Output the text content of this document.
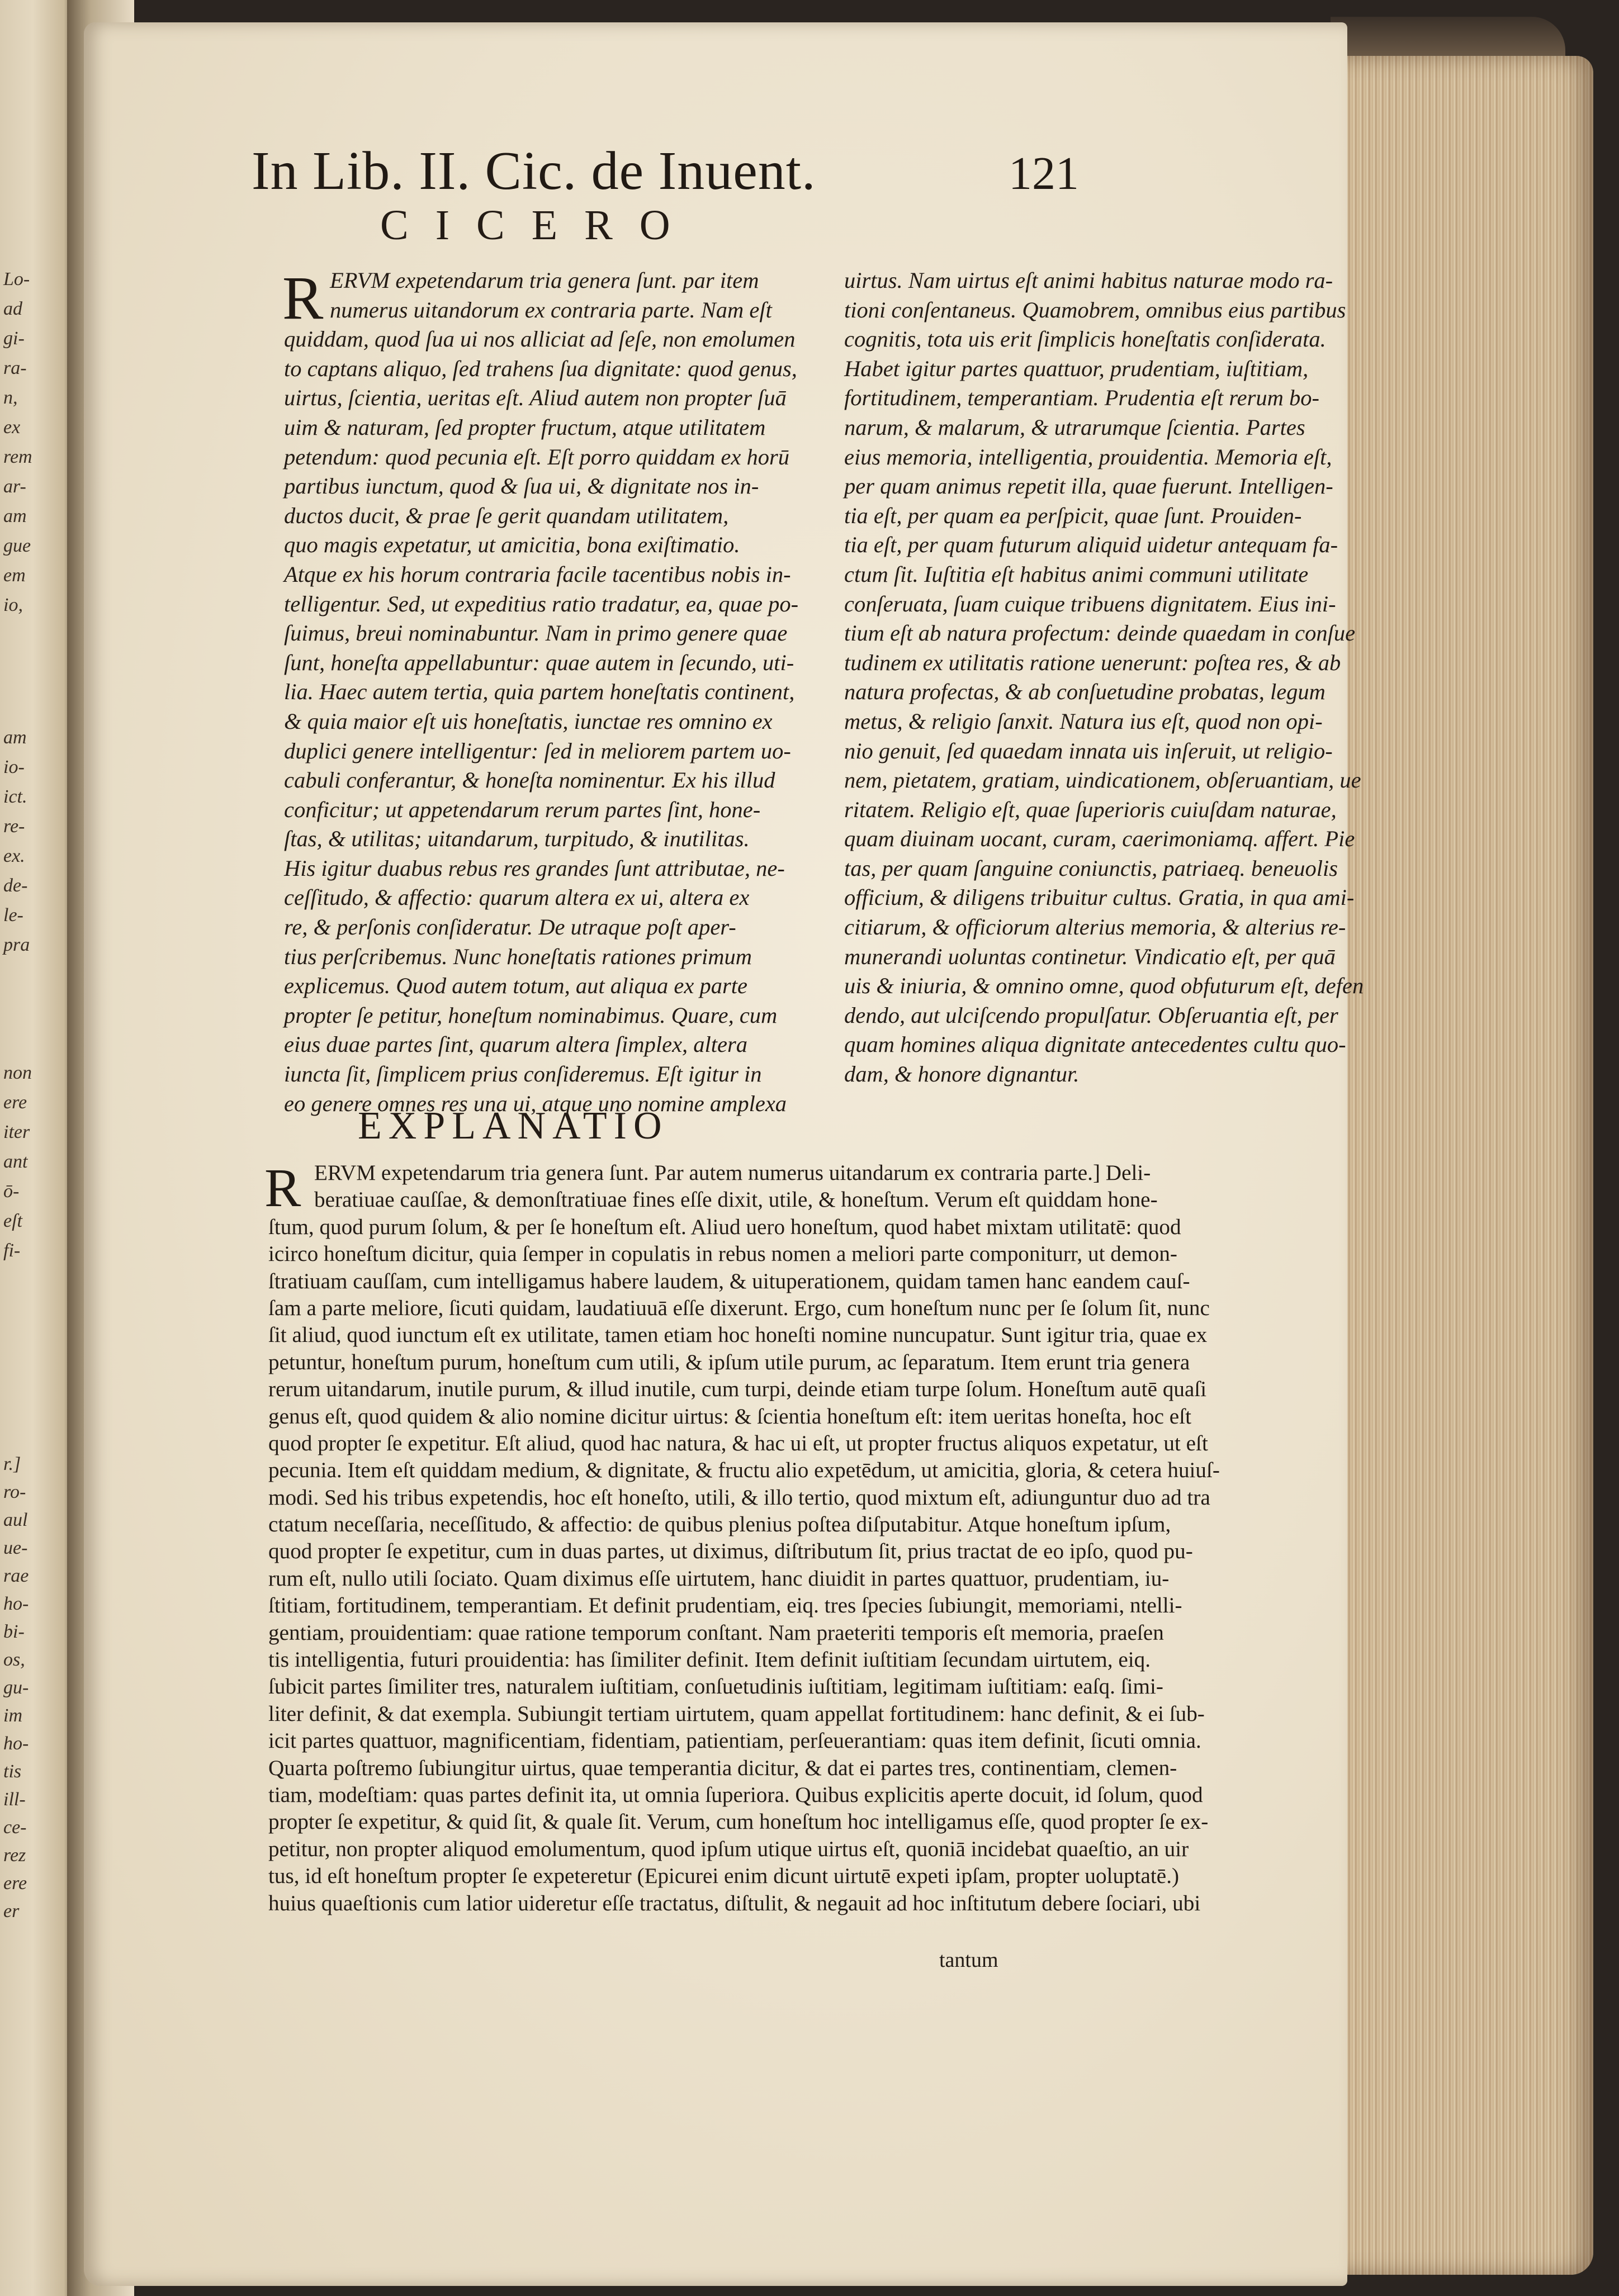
Lo-
ad
gi-
ra-
n,
ex
rem
ar-
am
gue
em
io,
am
io-
ict.
re-
ex.
de-
le-
pra
non
ere
iter
ant
ō-
eſt
fi-
r.]
ro-
aul
ue-
rae
ho-
bi-
os,
gu-
im
ho-
tis
ill-
ce-
rez
ere
er
In Lib. II. Cic. de Inuent.	121
CICERO
R ERVM expetendarum tria genera ſunt. par item
numerus uitandorum ex contraria parte. Nam eſt
quiddam, quod ſua ui nos alliciat ad ſeſe, non emolumen
to captans aliquo, ſed trahens ſua dignitate: quod genus,
uirtus, ſcientia, ueritas eſt. Aliud autem non propter ſuā
uim & naturam, ſed propter fructum, atque utilitatem
petendum: quod pecunia eſt. Eſt porro quiddam ex horū
partibus iunctum, quod & ſua ui, & dignitate nos in-
ductos ducit, & prae ſe gerit quandam utilitatem,
quo magis expetatur, ut amicitia, bona exiſtimatio.
Atque ex his horum contraria facile tacentibus nobis in-
telligentur. Sed, ut expeditius ratio tradatur, ea, quae po-
ſuimus, breui nominabuntur. Nam in primo genere quae
ſunt, honeſta appellabuntur: quae autem in ſecundo, uti-
lia. Haec autem tertia, quia partem honeſtatis continent,
& quia maior eſt uis honeſtatis, iunctae res omnino ex
duplici genere intelligentur: ſed in meliorem partem uo-
cabuli conferantur, & honeſta nominentur. Ex his illud
conficitur; ut appetendarum rerum partes ſint, hone-
ſtas, & utilitas; uitandarum, turpitudo, & inutilitas.
His igitur duabus rebus res grandes ſunt attributae, ne-
ceſſitudo, & affectio: quarum altera ex ui, altera ex
re, & perſonis conſideratur. De utraque poſt aper-
tius perſcribemus. Nunc honeſtatis rationes primum
explicemus. Quod autem totum, aut aliqua ex parte
propter ſe petitur, honeſtum nominabimus. Quare, cum
eius duae partes ſint, quarum altera ſimplex, altera
iuncta ſit, ſimplicem prius conſideremus. Eſt igitur in
eo genere omnes res una ui, atque uno nomine amplexa
uirtus. Nam uirtus eſt animi habitus naturae modo ra-
tioni conſentaneus. Quamobrem, omnibus eius partibus
cognitis, tota uis erit ſimplicis honeſtatis conſiderata.
Habet igitur partes quattuor, prudentiam, iuſtitiam,
fortitudinem, temperantiam. Prudentia eſt rerum bo-
narum, & malarum, & utrarumque ſcientia. Partes
eius memoria, intelligentia, prouidentia. Memoria eſt,
per quam animus repetit illa, quae fuerunt. Intelligen-
tia eſt, per quam ea perſpicit, quae ſunt. Prouiden-
tia eſt, per quam futurum aliquid uidetur antequam fa-
ctum ſit. Iuſtitia eſt habitus animi communi utilitate
conſeruata, ſuam cuique tribuens dignitatem. Eius ini-
tium eſt ab natura profectum: deinde quaedam in conſue
tudinem ex utilitatis ratione uenerunt: poſtea res, & ab
natura profectas, & ab conſuetudine probatas, legum
metus, & religio ſanxit. Natura ius eſt, quod non opi-
nio genuit, ſed quaedam innata uis inſeruit, ut religio-
nem, pietatem, gratiam, uindicationem, obſeruantiam, ue
ritatem. Religio eſt, quae ſuperioris cuiuſdam naturae,
quam diuinam uocant, curam, caerimoniamq. affert. Pie
tas, per quam ſanguine coniunctis, patriaeq. beneuolis
officium, & diligens tribuitur cultus. Gratia, in qua ami-
citiarum, & officiorum alterius memoria, & alterius re-
munerandi uoluntas continetur. Vindicatio eſt, per quā
uis & iniuria, & omnino omne, quod obfuturum eſt, defen
dendo, aut ulciſcendo propulſatur. Obſeruantia eſt, per
quam homines aliqua dignitate antecedentes cultu quo-
dam, & honore dignantur.
EXPLANATIO
R ERVM expetendarum tria genera ſunt. Par autem numerus uitandarum ex contraria parte.] Deli-
beratiuae cauſſae, & demonſtratiuae fines eſſe dixit, utile, & honeſtum. Verum eſt quiddam hone-
ſtum, quod purum ſolum, & per ſe honeſtum eſt. Aliud uero honeſtum, quod habet mixtam utilitatē: quod
icirco honeſtum dicitur, quia ſemper in copulatis in rebus nomen a meliori parte componiturr, ut demon-
ſtratiuam cauſſam, cum intelligamus habere laudem, & uituperationem, quidam tamen hanc eandem cauſ-
ſam a parte meliore, ſicuti quidam, laudatiuuā eſſe dixerunt. Ergo, cum honeſtum nunc per ſe ſolum ſit, nunc
ſit aliud, quod iunctum eſt ex utilitate, tamen etiam hoc honeſti nomine nuncupatur. Sunt igitur tria, quae ex
petuntur, honeſtum purum, honeſtum cum utili, & ipſum utile purum, ac ſeparatum. Item erunt tria genera
rerum uitandarum, inutile purum, & illud inutile, cum turpi, deinde etiam turpe ſolum. Honeſtum autē quaſi
genus eſt, quod quidem & alio nomine dicitur uirtus: & ſcientia honeſtum eſt: item ueritas honeſta, hoc eſt
quod propter ſe expetitur. Eſt aliud, quod hac natura, & hac ui eſt, ut propter fructus aliquos expetatur, ut eſt
pecunia. Item eſt quiddam medium, & dignitate, & fructu alio expetēdum, ut amicitia, gloria, & cetera huiuſ-
modi. Sed his tribus expetendis, hoc eſt honeſto, utili, & illo tertio, quod mixtum eſt, adiunguntur duo ad tra
ctatum neceſſaria, neceſſitudo, & affectio: de quibus plenius poſtea diſputabitur. Atque honeſtum ipſum,
quod propter ſe expetitur, cum in duas partes, ut diximus, diſtributum ſit, prius tractat de eo ipſo, quod pu-
rum eſt, nullo utili ſociato. Quam diximus eſſe uirtutem, hanc diuidit in partes quattuor, prudentiam, iu-
ſtitiam, fortitudinem, temperantiam. Et definit prudentiam, eiq. tres ſpecies ſubiungit, memoriami, ntelli-
gentiam, prouidentiam: quae ratione temporum conſtant. Nam praeteriti temporis eſt memoria, praeſen
tis intelligentia, futuri prouidentia: has ſimiliter definit. Item definit iuſtitiam ſecundam uirtutem, eiq.
ſubicit partes ſimiliter tres, naturalem iuſtitiam, conſuetudinis iuſtitiam, legitimam iuſtitiam: eaſq. ſimi-
liter definit, & dat exempla. Subiungit tertiam uirtutem, quam appellat fortitudinem: hanc definit, & ei ſub-
icit partes quattuor, magnificentiam, fidentiam, patientiam, perſeuerantiam: quas item definit, ſicuti omnia.
Quarta poſtremo ſubiungitur uirtus, quae temperantia dicitur, & dat ei partes tres, continentiam, clemen-
tiam, modeſtiam: quas partes definit ita, ut omnia ſuperiora. Quibus explicitis aperte docuit, id ſolum, quod
propter ſe expetitur, & quid ſit, & quale ſit. Verum, cum honeſtum hoc intelligamus eſſe, quod propter ſe ex-
petitur, non propter aliquod emolumentum, quod ipſum utique uirtus eſt, quoniā incidebat quaeſtio, an uir
tus, id eſt honeſtum propter ſe expeteretur (Epicurei enim dicunt uirtutē expeti ipſam, propter uoluptatē.)
huius quaeſtionis cum latior uideretur eſſe tractatus, diſtulit, & negauit ad hoc inſtitutum debere ſociari, ubi
tantum
